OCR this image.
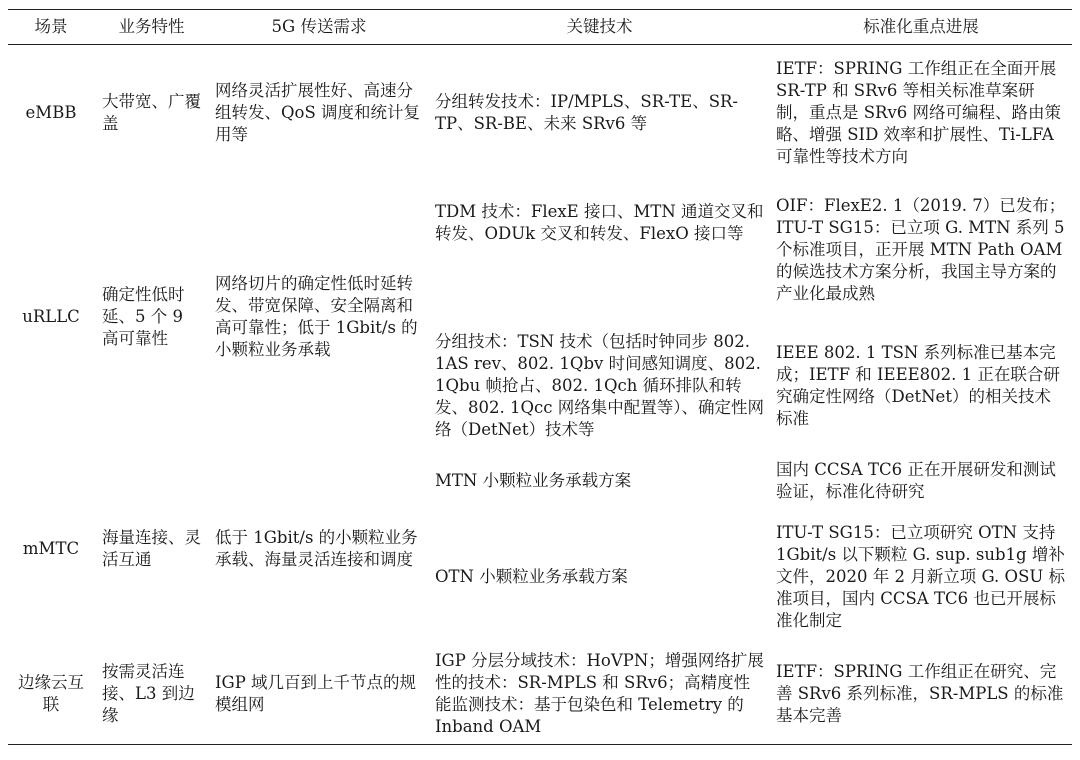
场景	业务特性	5G 传送需求	关键技术	标准化重点进展
eMBB	大带宽、广覆盖	网络灵活扩展性好、高速分组转发、QoS 调度和统计复用等	分组转发技术：IP/MPLS、SR-TE、SR-TP、SR-BE、未来 SRv6 等	IETF：SPRING 工作组正在全面开展 SR-TP 和 SRv6 等相关标准草案研制，重点是 SRv6 网络可编程、路由策略、增强 SID 效率和扩展性、Ti-LFA 可靠性等技术方向
uRLLC	确定性低时延、5 个 9 高可靠性	网络切片的确定性低时延转发、带宽保障、安全隔离和高可靠性；低于 1Gbit/s 的小颗粒业务承载	TDM 技术：FlexE 接口、MTN 通道交叉和转发、ODUk 交叉和转发、FlexO 接口等	OIF：FlexE2. 1（2019. 7）已发布；ITU-T SG15：已立项 G. MTN 系列 5 个标准项目，正开展 MTN Path OAM 的候选技术方案分析，我国主导方案的产业化最成熟
			分组技术：TSN 技术（包括时钟同步 802. 1AS rev、802. 1Qbv 时间感知调度、802. 1Qbu 帧抢占、802. 1Qch 循环排队和转发、802. 1Qcc 网络集中配置等）、确定性网络（DetNet）技术等	IEEE 802. 1 TSN 系列标准已基本完成；IETF 和 IEEE802. 1 正在联合研究确定性网络（DetNet）的相关技术标准
mMTC	海量连接、灵活互通	低于 1Gbit/s 的小颗粒业务承载、海量灵活连接和调度	MTN 小颗粒业务承载方案	国内 CCSA TC6 正在开展研发和测试验证，标准化待研究
			OTN 小颗粒业务承载方案	ITU-T SG15：已立项研究 OTN 支持 1Gbit/s 以下颗粒 G. sup. sub1g 增补文件，2020 年 2 月新立项 G. OSU 标准项目，国内 CCSA TC6 也已开展标准化制定
边缘云互联	按需灵活连接、L3 到边缘	IGP 域几百到上千节点的规模组网	IGP 分层分域技术：HoVPN；增强网络扩展性的技术：SR-MPLS 和 SRv6；高精度性能监测技术：基于包染色和 Telemetry 的 Inband OAM	IETF：SPRING 工作组正在研究、完善 SRv6 系列标准，SR-MPLS 的标准基本完善
